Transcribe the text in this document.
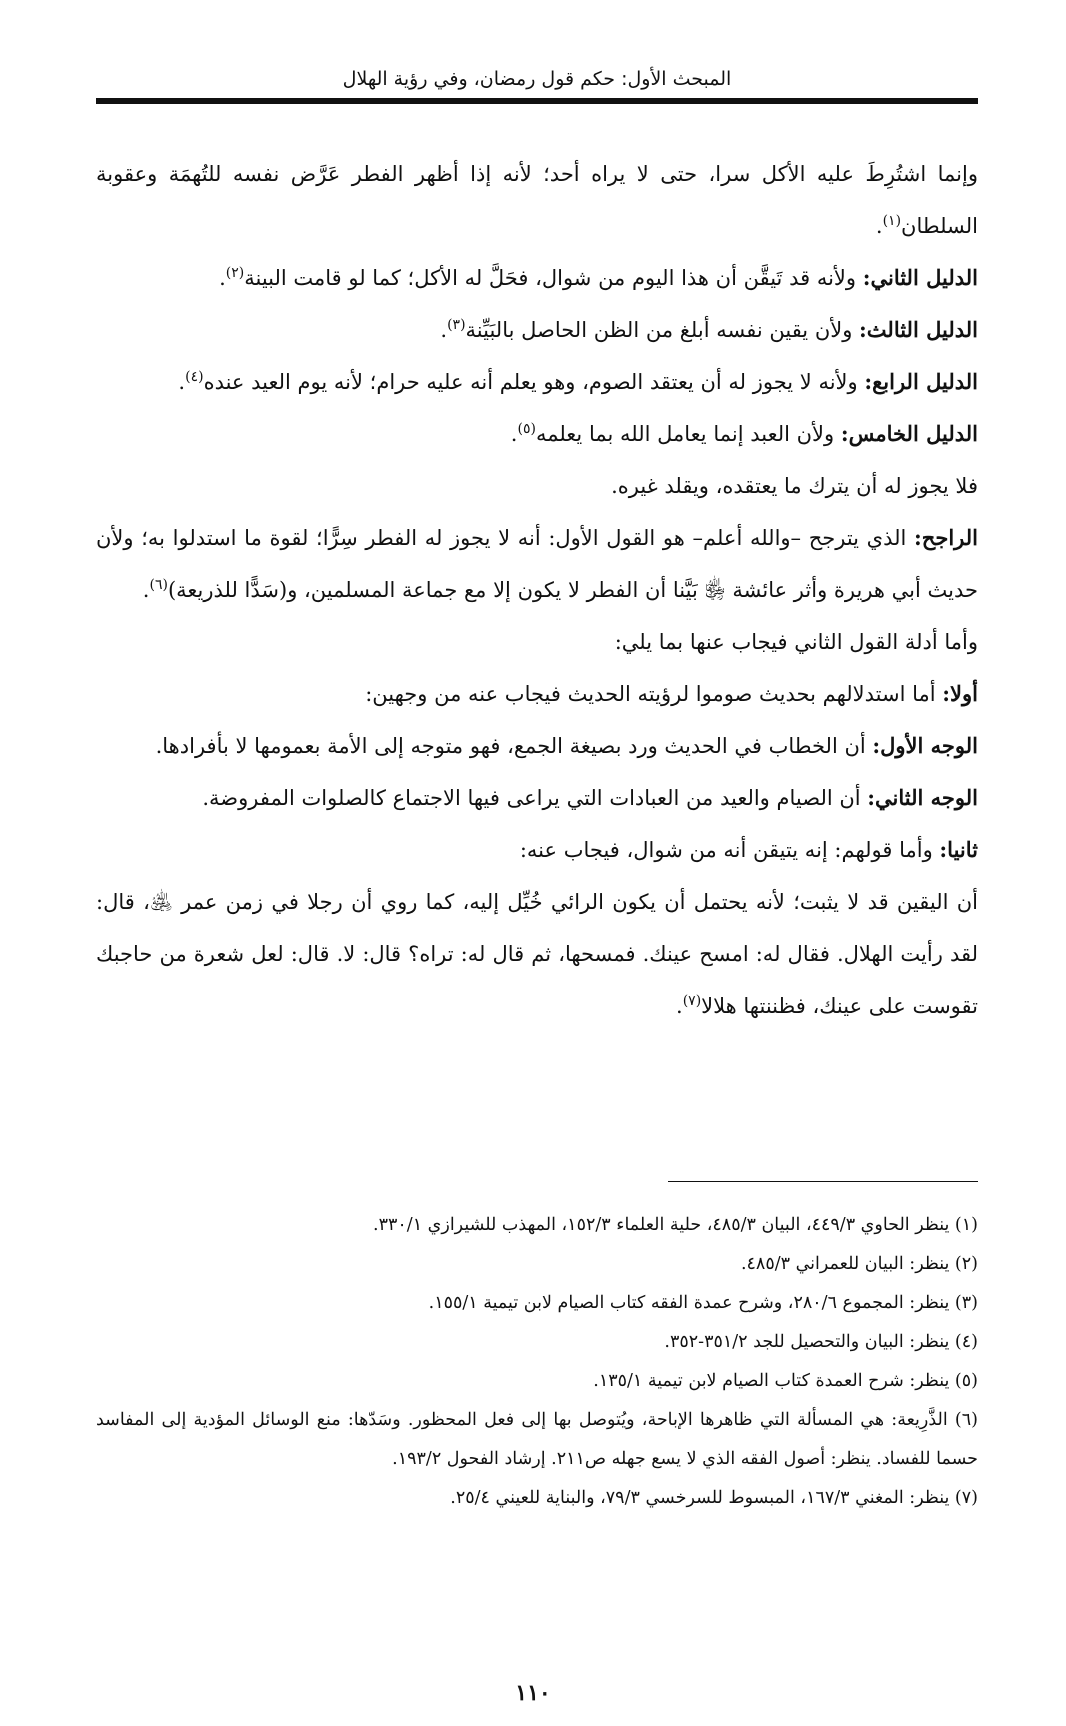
المبحث الأول: حكم قول رمضان، وفي رؤية الهلال

وإنما اشتُرِطَ عليه الأكل سرا، حتى لا يراه أحد؛ لأنه إذا أظهر الفطر عَرَّض نفسه للتُهمَة وعقوبة السلطان$^{(١)}$.

الدليل الثاني: ولأنه قد تَيقَّن أن هذا اليوم من شوال، فحَلَّ له الأكل؛ كما لو قامت البينة$^{(٢)}$.

الدليل الثالث: ولأن يقين نفسه أبلغ من الظن الحاصل بالبَيِّنة$^{(٣)}$.

الدليل الرابع: ولأنه لا يجوز له أن يعتقد الصوم، وهو يعلم أنه عليه حرام؛ لأنه يوم العيد عنده$^{(٤)}$.

الدليل الخامس: ولأن العبد إنما يعامل الله بما يعلمه$^{(٥)}$.

فلا يجوز له أن يترك ما يعتقده، ويقلد غيره.

الراجح: الذي يترجح –والله أعلم– هو القول الأول: أنه لا يجوز له الفطر سِرًّا؛ لقوة ما استدلوا به؛ ولأن حديث أبي هريرة وأثر عائشة ﵂ بَيَّنا أن الفطر لا يكون إلا مع جماعة المسلمين، و(سَدًّا للذريعة)$^{(٦)}$.

وأما أدلة القول الثاني فيجاب عنها بما يلي:

أولا: أما استدلالهم بحديث صوموا لرؤيته الحديث فيجاب عنه من وجهين:

الوجه الأول: أن الخطاب في الحديث ورد بصيغة الجمع، فهو متوجه إلى الأمة بعمومها لا بأفرادها.

الوجه الثاني: أن الصيام والعيد من العبادات التي يراعى فيها الاجتماع كالصلوات المفروضة.

ثانيا: وأما قولهم: إنه يتيقن أنه من شوال، فيجاب عنه:

أن اليقين قد لا يثبت؛ لأنه يحتمل أن يكون الرائي خُيِّل إليه، كما روي أن رجلا في زمن عمر ﵁، قال: لقد رأيت الهلال. فقال له: امسح عينك. فمسحها، ثم قال له: تراه؟ قال: لا. قال: لعل شعرة من حاجبك تقوست على عينك، فظننتها هلالا$^{(٧)}$.

(١) ينظر الحاوي ٤٤٩/٣، البيان ٤٨٥/٣، حلية العلماء ١٥٢/٣، المهذب للشيرازي ٣٣٠/١.

(٢) ينظر: البيان للعمراني ٤٨٥/٣.

(٣) ينظر: المجموع ٢٨٠/٦، وشرح عمدة الفقه كتاب الصيام لابن تيمية ١٥٥/١.

(٤) ينظر: البيان والتحصيل للجد ٣٥١/٢-٣٥٢.

(٥) ينظر: شرح العمدة كتاب الصيام لابن تيمية ١٣٥/١.

(٦) الذَّرِيعة: هي المسألة التي ظاهرها الإباحة، ويُتوصل بها إلى فعل المحظور. وسَدّها: منع الوسائل المؤدية إلى المفاسد حسما للفساد. ينظر: أصول الفقه الذي لا يسع جهله ص٢١١. إرشاد الفحول ١٩٣/٢.

(٧) ينظر: المغني ١٦٧/٣، المبسوط للسرخسي ٧٩/٣، والبناية للعيني ٢٥/٤.

١١٠
